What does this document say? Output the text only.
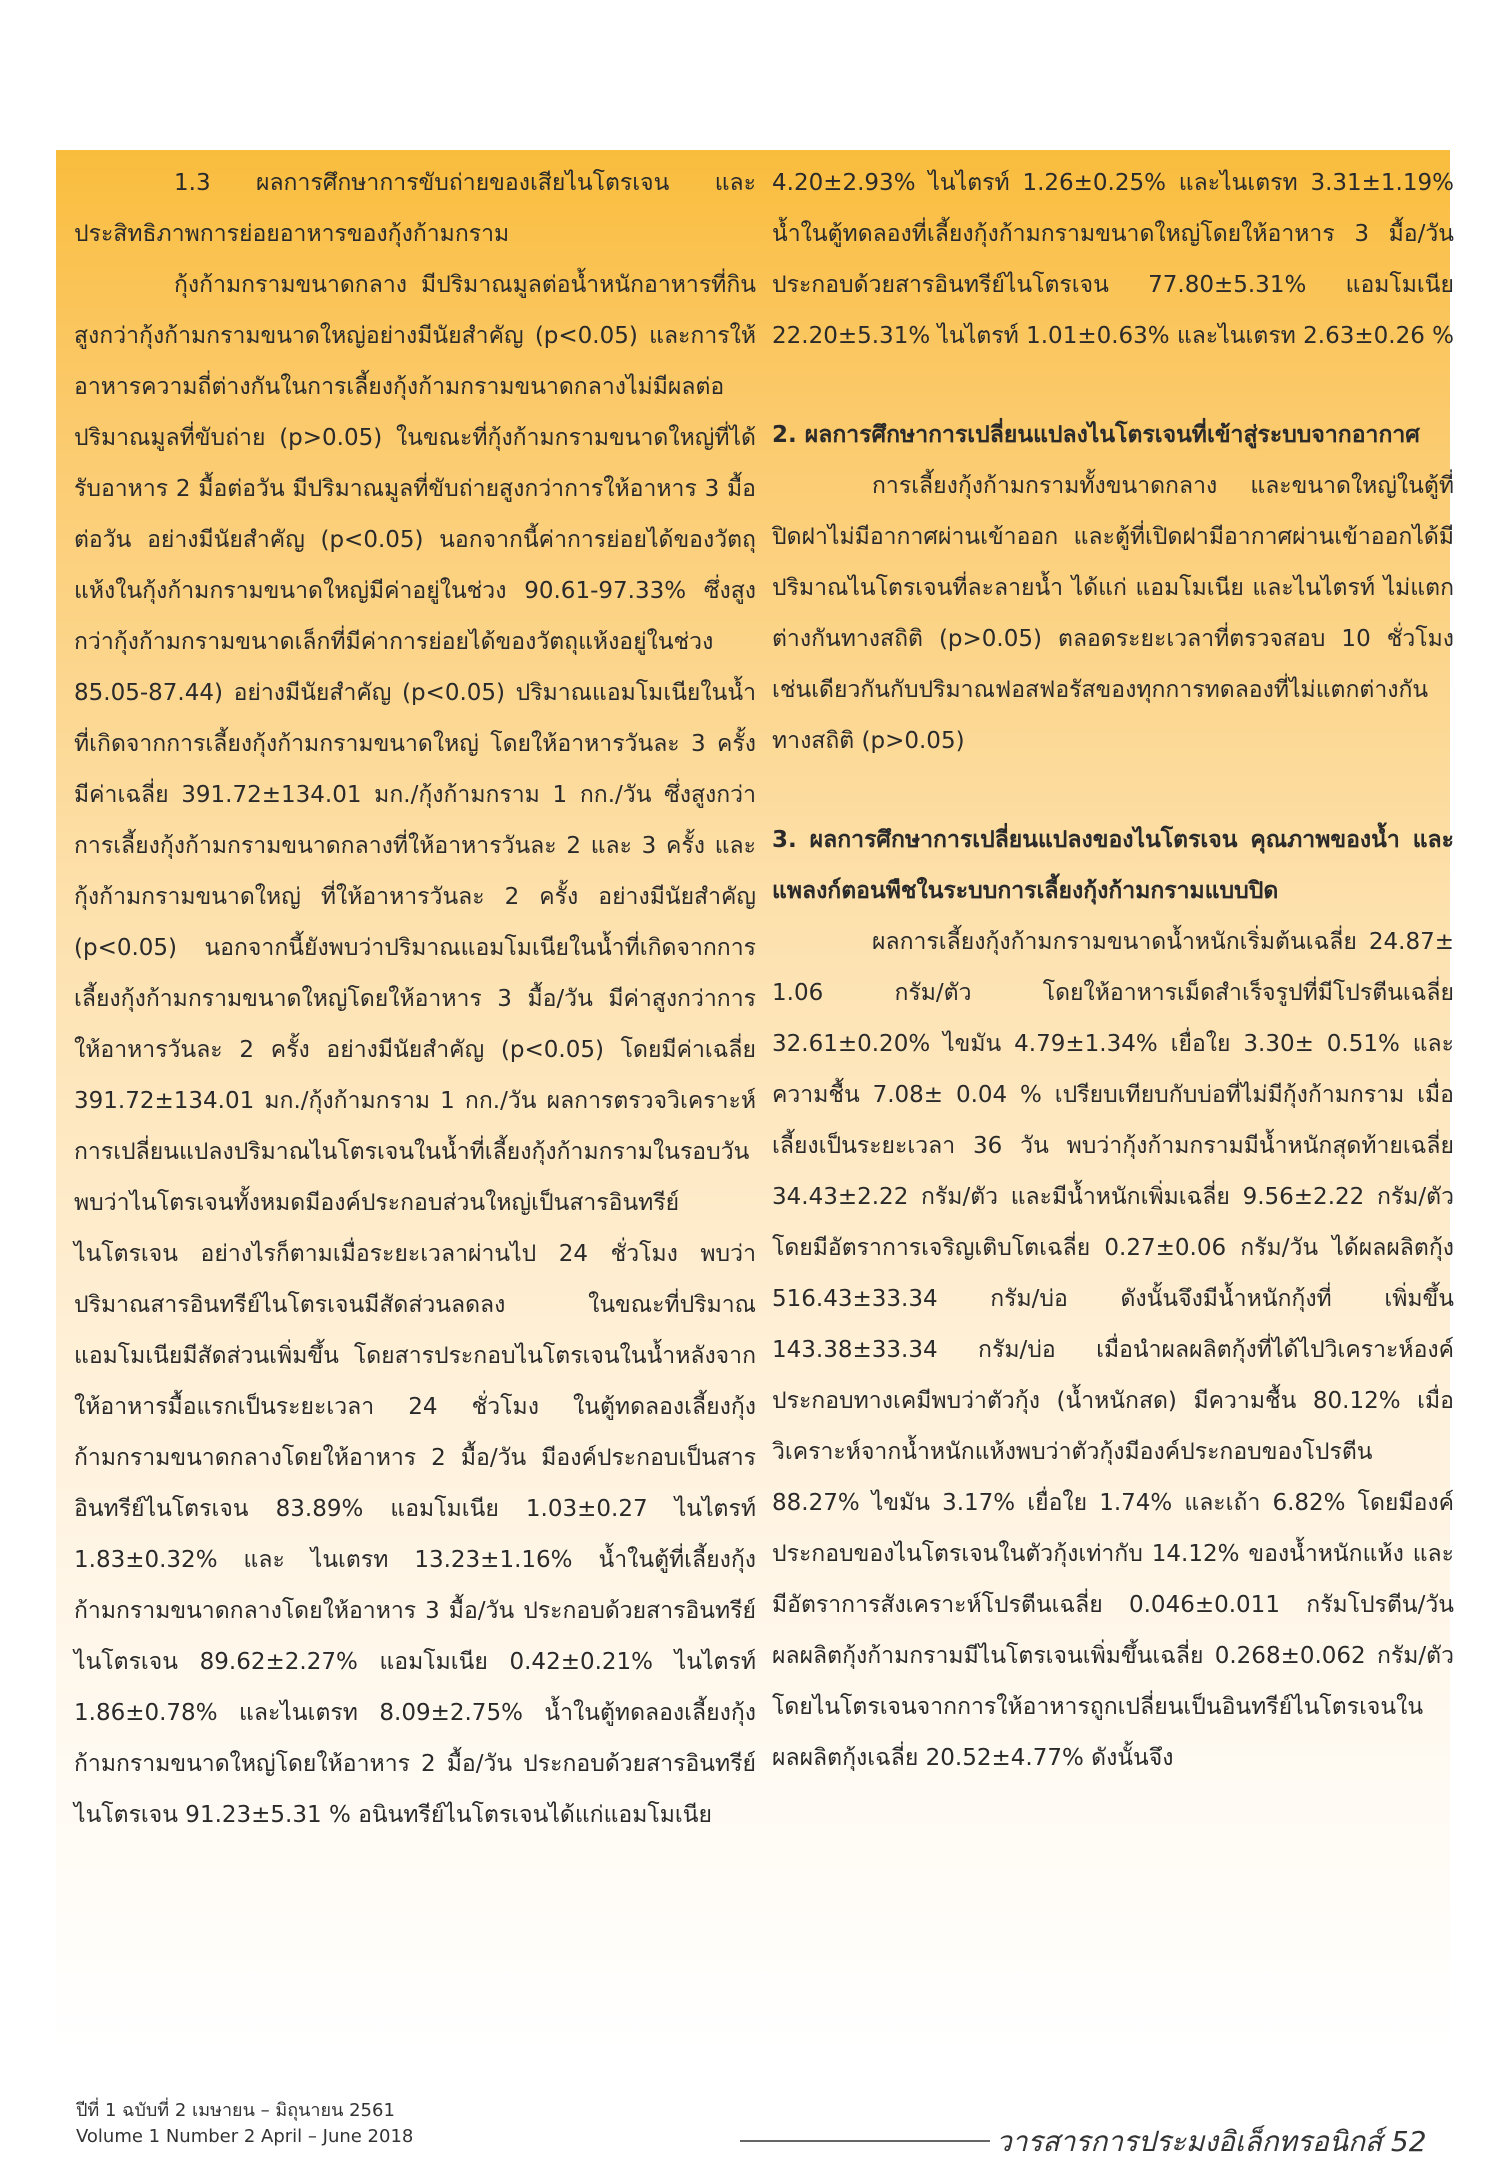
1.3 ผลการศึกษาการขับถ่ายของเสียไนโตรเจน และประสิทธิภาพการย่อยอาหารของกุ้งก้ามกราม

กุ้งก้ามกรามขนาดกลาง มีปริมาณมูลต่อน้ำหนักอาหารที่กินสูงกว่ากุ้งก้ามกรามขนาดใหญ่อย่างมีนัยสำคัญ (p<0.05) และการให้อาหารความถี่ต่างกันในการเลี้ยงกุ้งก้ามกรามขนาดกลางไม่มีผลต่อปริมาณมูลที่ขับถ่าย (p>0.05) ในขณะที่กุ้งก้ามกรามขนาดใหญ่ที่ได้รับอาหาร 2 มื้อต่อวัน มีปริมาณมูลที่ขับถ่ายสูงกว่าการให้อาหาร 3 มื้อต่อวัน อย่างมีนัยสำคัญ (p<0.05) นอกจากนี้ค่าการย่อยได้ของวัตถุแห้งในกุ้งก้ามกรามขนาดใหญ่มีค่าอยู่ในช่วง 90.61-97.33% ซึ่งสูงกว่ากุ้งก้ามกรามขนาดเล็กที่มีค่าการย่อยได้ของวัตถุแห้งอยู่ในช่วง 85.05-87.44) อย่างมีนัยสำคัญ (p<0.05) ปริมาณแอมโมเนียในน้ำที่เกิดจากการเลี้ยงกุ้งก้ามกรามขนาดใหญ่ โดยให้อาหารวันละ 3 ครั้ง มีค่าเฉลี่ย 391.72±134.01 มก./กุ้งก้ามกราม 1 กก./วัน ซึ่งสูงกว่าการเลี้ยงกุ้งก้ามกรามขนาดกลางที่ให้อาหารวันละ 2 และ 3 ครั้ง และกุ้งก้ามกรามขนาดใหญ่ ที่ให้อาหารวันละ 2 ครั้ง อย่างมีนัยสำคัญ (p<0.05) นอกจากนี้ยังพบว่าปริมาณแอมโมเนียในน้ำที่เกิดจากการเลี้ยงกุ้งก้ามกรามขนาดใหญ่โดยให้อาหาร 3 มื้อ/วัน มีค่าสูงกว่าการให้อาหารวันละ 2 ครั้ง อย่างมีนัยสำคัญ (p<0.05) โดยมีค่าเฉลี่ย 391.72±134.01 มก./กุ้งก้ามกราม 1 กก./วัน ผลการตรวจวิเคราะห์การเปลี่ยนแปลงปริมาณไนโตรเจนในน้ำที่เลี้ยงกุ้งก้ามกรามในรอบวันพบว่าไนโตรเจนทั้งหมดมีองค์ประกอบส่วนใหญ่เป็นสารอินทรีย์ไนโตรเจน อย่างไรก็ตามเมื่อระยะเวลาผ่านไป 24 ชั่วโมง พบว่าปริมาณสารอินทรีย์ไนโตรเจนมีสัดส่วนลดลง ในขณะที่ปริมาณแอมโมเนียมีสัดส่วนเพิ่มขึ้น โดยสารประกอบไนโตรเจนในน้ำหลังจากให้อาหารมื้อแรกเป็นระยะเวลา 24 ชั่วโมง ในตู้ทดลองเลี้ยงกุ้งก้ามกรามขนาดกลางโดยให้อาหาร 2 มื้อ/วัน มีองค์ประกอบเป็นสารอินทรีย์ไนโตรเจน 83.89% แอมโมเนีย 1.03±0.27 ไนไตรท์ 1.83±0.32% และ ไนเตรท 13.23±1.16% น้ำในตู้ที่เลี้ยงกุ้งก้ามกรามขนาดกลางโดยให้อาหาร 3 มื้อ/วัน ประกอบด้วยสารอินทรีย์ไนโตรเจน 89.62±2.27% แอมโมเนีย 0.42±0.21% ไนไตรท์ 1.86±0.78% และไนเตรท 8.09±2.75% น้ำในตู้ทดลองเลี้ยงกุ้งก้ามกรามขนาดใหญ่โดยให้อาหาร 2 มื้อ/วัน ประกอบด้วยสารอินทรีย์ไนโตรเจน 91.23±5.31 % อนินทรีย์ไนโตรเจนได้แก่แอมโมเนีย

4.20±2.93% ไนไตรท์ 1.26±0.25% และไนเตรท 3.31±1.19% น้ำในตู้ทดลองที่เลี้ยงกุ้งก้ามกรามขนาดใหญ่โดยให้อาหาร 3 มื้อ/วัน ประกอบด้วยสารอินทรีย์ไนโตรเจน 77.80±5.31% แอมโมเนีย 22.20±5.31% ไนไตรท์ 1.01±0.63% และไนเตรท 2.63±0.26 %

2. ผลการศึกษาการเปลี่ยนแปลงไนโตรเจนที่เข้าสู่ระบบจากอากาศ

การเลี้ยงกุ้งก้ามกรามทั้งขนาดกลาง และขนาดใหญ่ในตู้ที่ปิดฝาไม่มีอากาศผ่านเข้าออก และตู้ที่เปิดฝามีอากาศผ่านเข้าออกได้มีปริมาณไนโตรเจนที่ละลายน้ำ ได้แก่ แอมโมเนีย และไนไตรท์ ไม่แตกต่างกันทางสถิติ (p>0.05) ตลอดระยะเวลาที่ตรวจสอบ 10 ชั่วโมง เช่นเดียวกันกับปริมาณฟอสฟอรัสของทุกการทดลองที่ไม่แตกต่างกันทางสถิติ (p>0.05)

3. ผลการศึกษาการเปลี่ยนแปลงของไนโตรเจน คุณภาพของน้ำ และแพลงก์ตอนพืชในระบบการเลี้ยงกุ้งก้ามกรามแบบปิด

ผลการเลี้ยงกุ้งก้ามกรามขนาดน้ำหนักเริ่มต้นเฉลี่ย 24.87± 1.06 กรัม/ตัว โดยให้อาหารเม็ดสำเร็จรูปที่มีโปรตีนเฉลี่ย 32.61±0.20% ไขมัน 4.79±1.34% เยื่อใย 3.30± 0.51% และความชื้น 7.08± 0.04 % เปรียบเทียบกับบ่อที่ไม่มีกุ้งก้ามกราม เมื่อเลี้ยงเป็นระยะเวลา 36 วัน พบว่ากุ้งก้ามกรามมีน้ำหนักสุดท้ายเฉลี่ย 34.43±2.22 กรัม/ตัว และมีน้ำหนักเพิ่มเฉลี่ย 9.56±2.22 กรัม/ตัว โดยมีอัตราการเจริญเติบโตเฉลี่ย 0.27±0.06 กรัม/วัน ได้ผลผลิตกุ้ง 516.43±33.34 กรัม/บ่อ ดังนั้นจึงมีน้ำหนักกุ้งที่ เพิ่มขึ้น 143.38±33.34 กรัม/บ่อ เมื่อนำผลผลิตกุ้งที่ได้ไปวิเคราะห์องค์ประกอบทางเคมีพบว่าตัวกุ้ง (น้ำหนักสด) มีความชื้น 80.12% เมื่อวิเคราะห์จากน้ำหนักแห้งพบว่าตัวกุ้งมีองค์ประกอบของโปรตีน 88.27% ไขมัน 3.17% เยื่อใย 1.74% และเถ้า 6.82% โดยมีองค์ประกอบของไนโตรเจนในตัวกุ้งเท่ากับ 14.12% ของน้ำหนักแห้ง และมีอัตราการสังเคราะห์โปรตีนเฉลี่ย 0.046±0.011 กรัมโปรตีน/วัน ผลผลิตกุ้งก้ามกรามมีไนโตรเจนเพิ่มขึ้นเฉลี่ย 0.268±0.062 กรัม/ตัว โดยไนโตรเจนจากการให้อาหารถูกเปลี่ยนเป็นอินทรีย์ไนโตรเจนในผลผลิตกุ้งเฉลี่ย 20.52±4.77% ดังนั้นจึง

ปีที่ 1 ฉบับที่ 2 เมษายน – มิถุนายน 2561
Volume 1 Number 2 April – June 2018	วารสารการประมงอิเล็กทรอนิกส์ 52
